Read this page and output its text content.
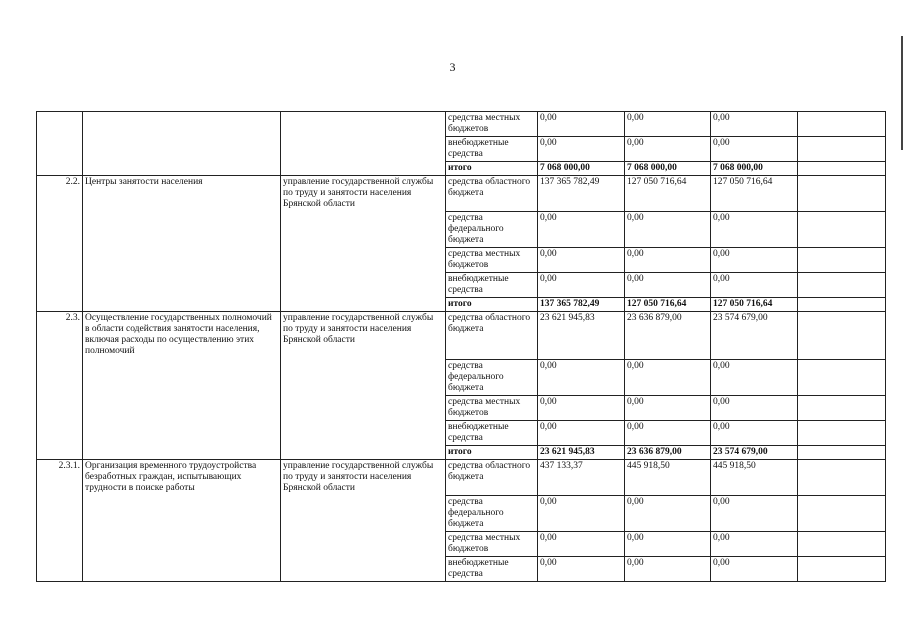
3
			средства местных бюджетов	0,00	0,00	0,00	
			внебюджетные средства	0,00	0,00	0,00	
			итого	7 068 000,00	7 068 000,00	7 068 000,00	
2.2.	Центры занятости населения	управление государственной службы по труду и занятости населения Брянской области	средства областного бюджета	137 365 782,49	127 050 716,64	127 050 716,64	
			средства федерального бюджета	0,00	0,00	0,00	
			средства местных бюджетов	0,00	0,00	0,00	
			внебюджетные средства	0,00	0,00	0,00	
			итого	137 365 782,49	127 050 716,64	127 050 716,64	
2.3.	Осуществление государственных полномочий в области содействия занятости населения, включая расходы по осуществлению этих полномочий	управление государственной службы по труду и занятости населения Брянской области	средства областного бюджета	23 621 945,83	23 636 879,00	23 574 679,00	
			средства федерального бюджета	0,00	0,00	0,00	
			средства местных бюджетов	0,00	0,00	0,00	
			внебюджетные средства	0,00	0,00	0,00	
			итого	23 621 945,83	23 636 879,00	23 574 679,00	
2.3.1.	Организация временного трудоустройства безработных граждан, испытывающих трудности в поиске работы	управление государственной службы по труду и занятости населения Брянской области	средства областного бюджета	437 133,37	445 918,50	445 918,50	
			средства федерального бюджета	0,00	0,00	0,00	
			средства местных бюджетов	0,00	0,00	0,00	
			внебюджетные средства	0,00	0,00	0,00	
